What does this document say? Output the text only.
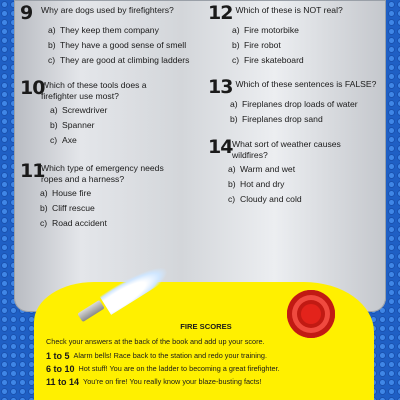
9	Why are dogs used by firefighters?
a) They keep them company
b) They have a good sense of smell
c) They are good at climbing ladders
10
Which of these tools does a firefighter use most?
a) Screwdriver
b) Spanner
c) Axe
11
Which type of emergency needs ropes and a harness?
a) House fire
b) Cliff rescue
c) Road accident
12 Which of these is NOT real?
a) Fire motorbike
b) Fire robot
c) Fire skateboard
13 Which of these sentences is FALSE?
a) Fireplanes drop loads of water
b) Fireplanes drop sand
14 What sort of weather causes wildfires?
a) Warm and wet
b) Hot and dry
c) Cloudy and cold
FIRE SCORES
Check your answers at the back of the book and add up your score.
1 to 5 Alarm bells! Race back to the station and redo your training.
6 to 10 Hot stuff! You are on the ladder to becoming a great firefighter.
11 to 14 You're on fire! You really know your blaze-busting facts!
